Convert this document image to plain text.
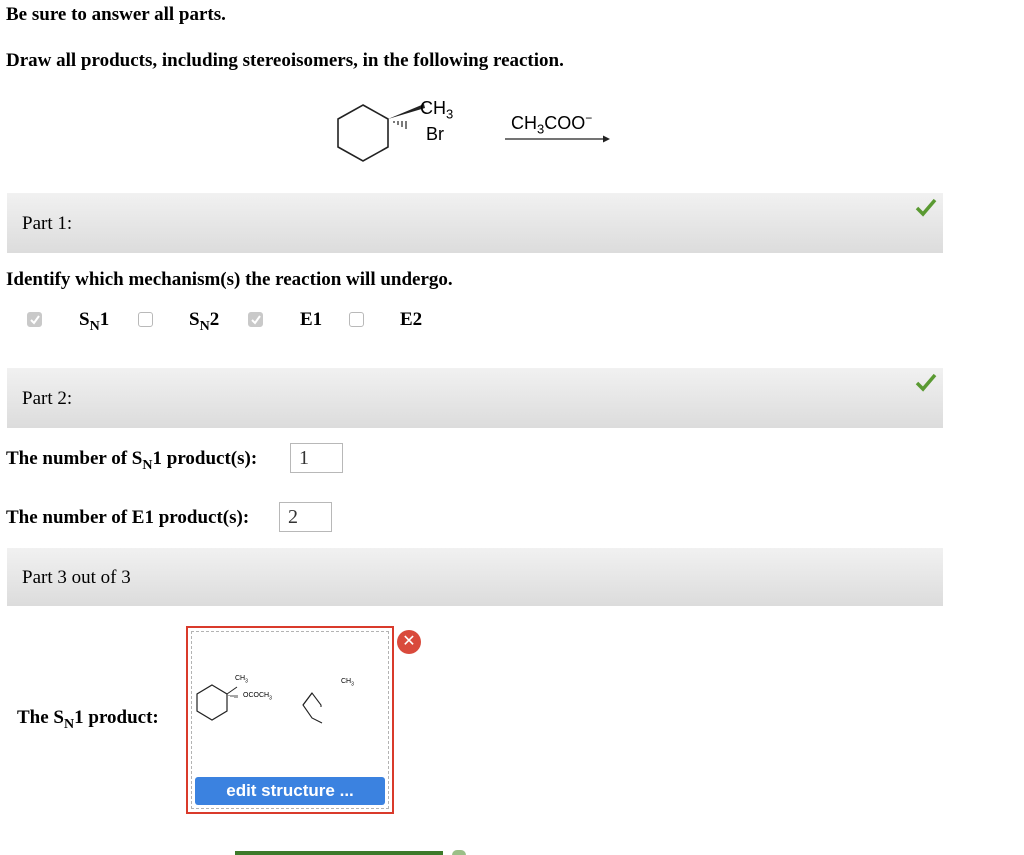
Be sure to answer all parts.
Draw all products, including stereoisomers, in the following reaction.
$CH_3$
Br
$CH_3COO^-$
Part 1:
Identify which mechanism(s) the reaction will undergo.
$S_N1$	$S_N2$	E1	E2
Part 2:
The number of $S_N1$ product(s):	1
The number of E1 product(s):	2
Part 3 out of 3
The $S_N1$ product:
$CH_3$
$OCOCH_3$
$CH_3$
edit structure ...
✕
